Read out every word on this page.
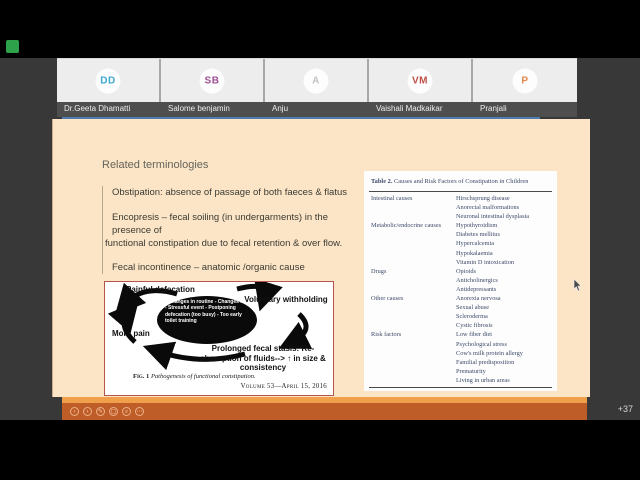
DD	SB	A	VM	P
Dr.Geeta Dhamatti	Salome benjamin	Anju	Vaishali Madkaikar	Pranjali
Related terminologies

Obstipation: absence of passage of both faeces & flatus

Encopresis – fecal soiling (in undergarments) in the

presence of

functional constipation due to fecal retention & over flow.

Fecal incontinence – anatomic /organic cause

- Changes in routine - Changes in diet - Stressful event - Postponing defecation (too busy) - Too early toilet training
Painful defecation
Voluntary withholding
More pain
Prolonged fecal stasis: Re-absorption of fluids--> ↑ in size & consistency
Fig. 1 Pathogenesis of functional constipation.
Volume 53—April 15, 2016
Table 2. Causes and Risk Factors of Constipation in Children
Intestinal causes	Hirschsprung disease
Anorectal malformations
Neuronal intestinal dysplasia
Metabolic/endocrine causes	Hypothyroidism
Diabetes mellitus
Hypercalcemia
Hypokalaemia
Vitamin D intoxication
Drugs	Opioids
Anticholinergics
Antidepressants
Other causes	Anorexia nervosa
Sexual abuse
Scleroderma
Cystic fibrosis
Risk factors	Low fiber diet
Psychological stress
Cow's milk protein allergy
Familial predisposition
Prematurity
Living in urban areas
‹	›	✎	▢	⌕	⋯	+37
